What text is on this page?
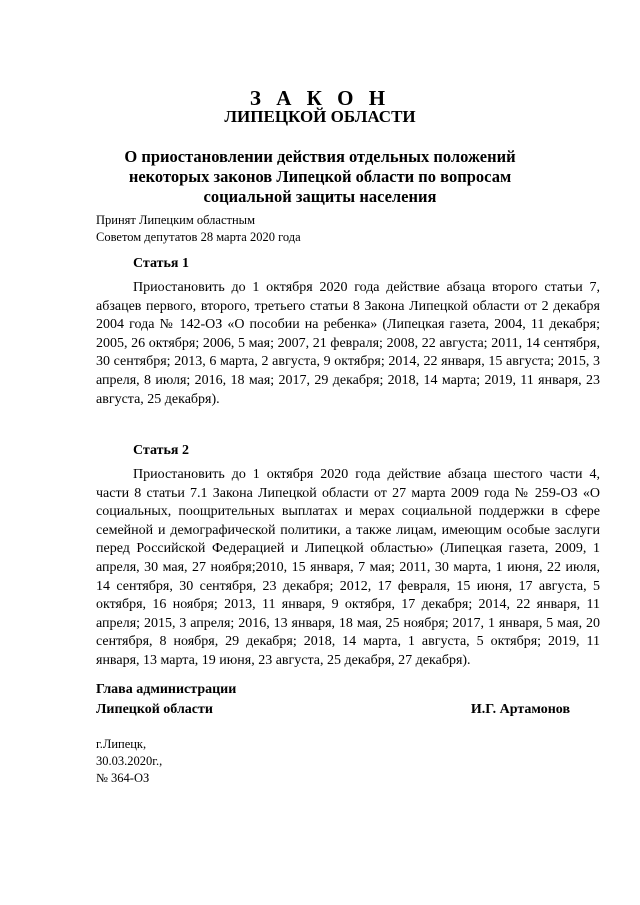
З А К О Н
ЛИПЕЦКОЙ ОБЛАСТИ
О приостановлении действия отдельных положений
некоторых законов Липецкой области по вопросам
социальной защиты населения
Принят Липецким областным
Советом депутатов 28 марта 2020 года
Статья 1

Приостановить до 1 октября 2020 года действие абзаца второго статьи 7, абзацев первого, второго, третьего статьи 8 Закона Липецкой области от 2 декабря 2004 года № 142-ОЗ «О пособии на ребенка» (Липецкая газета, 2004, 11 декабря; 2005, 26 октября; 2006, 5 мая; 2007, 21 февраля; 2008, 22 августа; 2011, 14 сентября, 30 сентября; 2013, 6 марта, 2 августа, 9 октября; 2014, 22 января, 15 августа; 2015, 3 апреля, 8 июля; 2016, 18 мая; 2017, 29 декабря; 2018, 14 марта; 2019, 11 января, 23 августа, 25 декабря).

Статья 2

Приостановить до 1 октября 2020 года действие абзаца шестого части 4, части 8 статьи 7.1 Закона Липецкой области от 27 марта 2009 года № 259-ОЗ «О социальных, поощрительных выплатах и мерах социальной поддержки в сфере семейной и демографической политики, а также лицам, имеющим особые заслуги перед Российской Федерацией и Липецкой областью» (Липецкая газета, 2009, 1 апреля, 30 мая, 27 ноября;2010, 15 января, 7 мая; 2011, 30 марта, 1 июня, 22 июля, 14 сентября, 30 сентября, 23 декабря; 2012, 17 февраля, 15 июня, 17 августа, 5 октября, 16 ноября; 2013, 11 января, 9 октября, 17 декабря; 2014, 22 января, 11 апреля; 2015, 3 апреля; 2016, 13 января, 18 мая, 25 ноября; 2017, 1 января, 5 мая, 20 сентября, 8 ноября, 29 декабря; 2018, 14 марта, 1 августа, 5 октября; 2019, 11 января, 13 марта, 19 июня, 23 августа, 25 декабря, 27 декабря).

Глава администрации
Липецкой области	И.Г. Артамонов
г.Липецк,
30.03.2020г.,
№ 364-ОЗ
